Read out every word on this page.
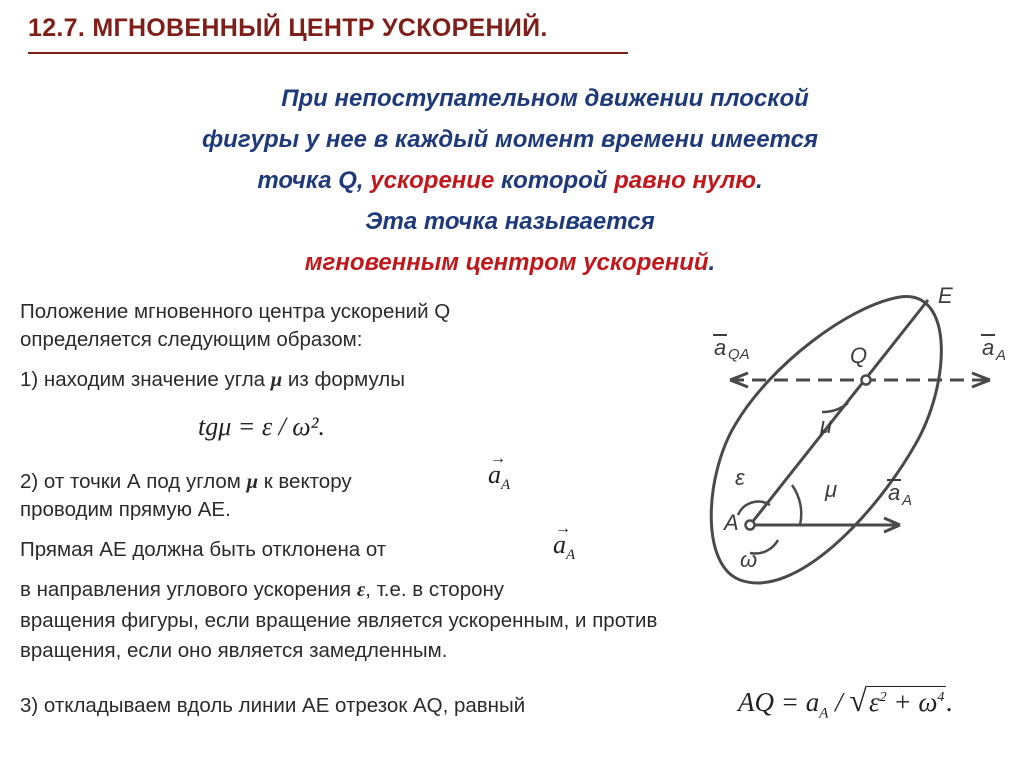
12.7. МГНОВЕННЫЙ ЦЕНТР УСКОРЕНИЙ.
При непоступательном движении плоской
фигуры у нее в каждый момент времени имеется
точка Q, ускорение которой равно нулю.
Эта точка называется
мгновенным центром ускорений.
Положение мгновенного центра ускорений Q
определяется следующим образом:
1) находим значение угла μ из формулы
tgμ = ε / ω².
2) от точки А под углом μ к вектору
→
$a_A$
проводим прямую АЕ.
Прямая АЕ должна быть отклонена от
→
$a_A$
в направления углового ускорения ε, т.е. в сторону
вращения фигуры, если вращение является ускоренным, и против
вращения, если оно является замедленным.
3) откладываем вдоль линии АЕ отрезок AQ, равный	AQ = $a_A / √\varepsilon^2 + \omega^4$.
E
Q
A
μ
μ
ε
ω
a QA	a A
a A
